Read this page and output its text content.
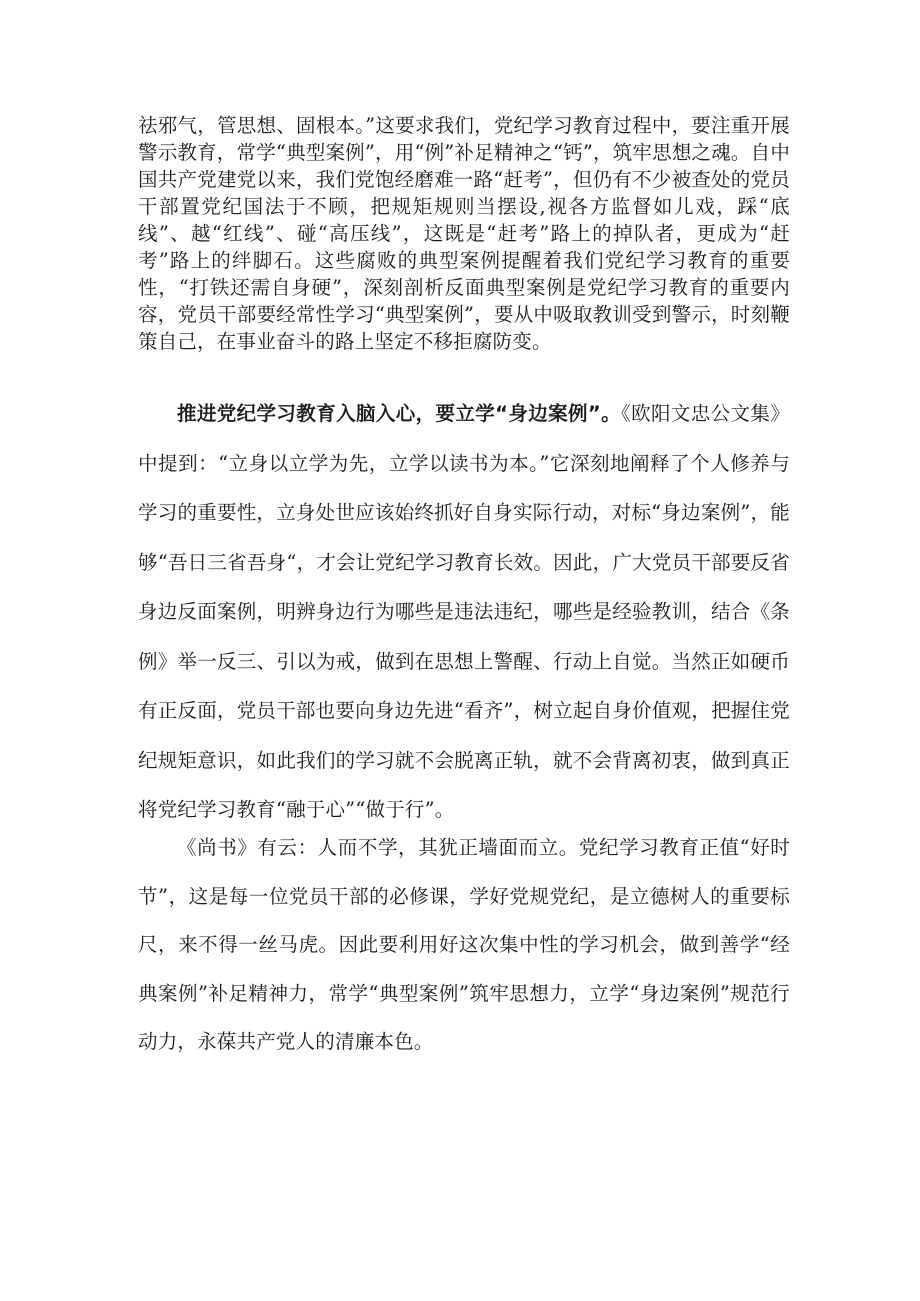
祛邪气，管思想、固根本。”这要求我们，党纪学习教育过程中，要注重开展警示教育，常学“典型案例”，用“例”补足精神之“钙”，筑牢思想之魂。自中国共产党建党以来，我们党饱经磨难一路“赶考”，但仍有不少被查处的党员干部置党纪国法于不顾，把规矩规则当摆设,视各方监督如儿戏，踩“底线”、越“红线”、碰“高压线”，这既是“赶考”路上的掉队者，更成为“赶考”路上的绊脚石。这些腐败的典型案例提醒着我们党纪学习教育的重要性，“打铁还需自身硬”，深刻剖析反面典型案例是党纪学习教育的重要内容，党员干部要经常性学习“典型案例”，要从中吸取教训受到警示，时刻鞭策自己，在事业奋斗的路上坚定不移拒腐防变。

推进党纪学习教育入脑入心，要立学“身边案例”。《欧阳文忠公文集》中提到：“立身以立学为先，立学以读书为本。”它深刻地阐释了个人修养与学习的重要性，立身处世应该始终抓好自身实际行动，对标“身边案例”，能够“吾日三省吾身“，才会让党纪学习教育长效。因此，广大党员干部要反省身边反面案例，明辨身边行为哪些是违法违纪，哪些是经验教训，结合《条例》举一反三、引以为戒，做到在思想上警醒、行动上自觉。当然正如硬币有正反面，党员干部也要向身边先进“看齐”，树立起自身价值观，把握住党纪规矩意识，如此我们的学习就不会脱离正轨，就不会背离初衷，做到真正将党纪学习教育“融于心”“做于行”。

《尚书》有云：人而不学，其犹正墙面而立。党纪学习教育正值“好时节”，这是每一位党员干部的必修课，学好党规党纪，是立德树人的重要标尺，来不得一丝马虎。因此要利用好这次集中性的学习机会，做到善学“经典案例”补足精神力，常学“典型案例”筑牢思想力，立学“身边案例”规范行动力，永葆共产党人的清廉本色。
